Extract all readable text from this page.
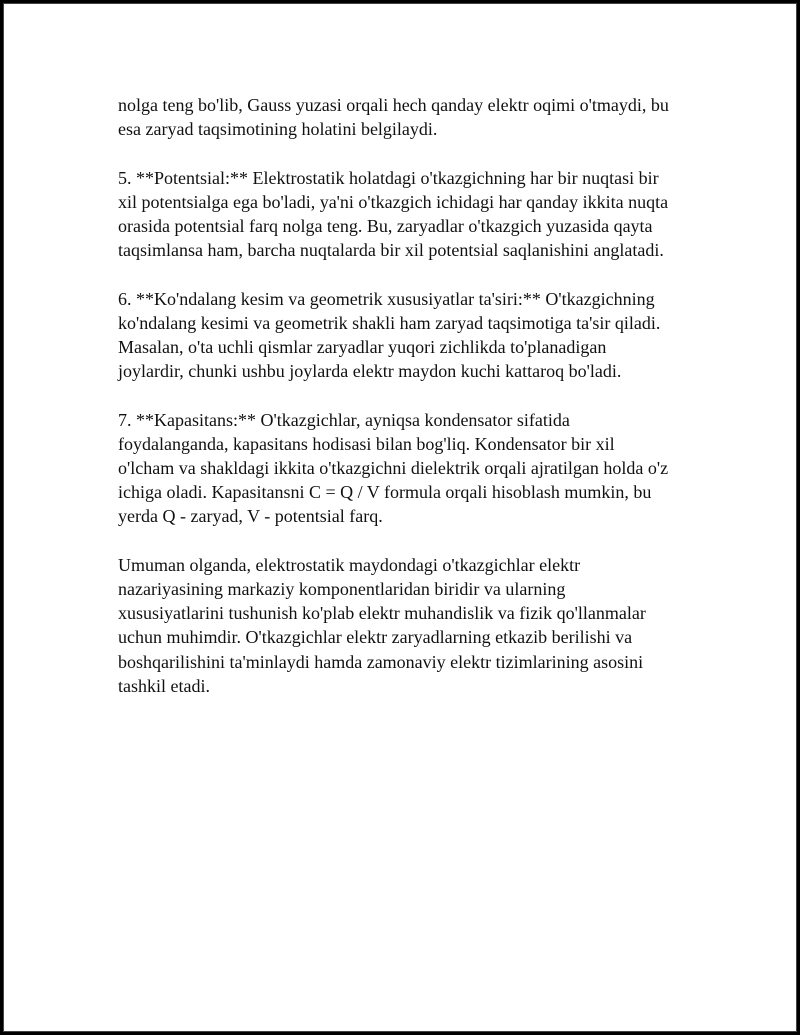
nolga teng bo'lib, Gauss yuzasi orqali hech qanday elektr oqimi o'tmaydi, bu
esa zaryad taqsimotining holatini belgilaydi.

5. **Potentsial:** Elektrostatik holatdagi o'tkazgichning har bir nuqtasi bir
xil potentsialga ega bo'ladi, ya'ni o'tkazgich ichidagi har qanday ikkita nuqta
orasida potentsial farq nolga teng. Bu, zaryadlar o'tkazgich yuzasida qayta
taqsimlansa ham, barcha nuqtalarda bir xil potentsial saqlanishini anglatadi.

6. **Ko'ndalang kesim va geometrik xususiyatlar ta'siri:** O'tkazgichning
ko'ndalang kesimi va geometrik shakli ham zaryad taqsimotiga ta'sir qiladi.
Masalan, o'ta uchli qismlar zaryadlar yuqori zichlikda to'planadigan
joylardir, chunki ushbu joylarda elektr maydon kuchi kattaroq bo'ladi.

7. **Kapasitans:** O'tkazgichlar, ayniqsa kondensator sifatida
foydalanganda, kapasitans hodisasi bilan bog'liq. Kondensator bir xil
o'lcham va shakldagi ikkita o'tkazgichni dielektrik orqali ajratilgan holda o'z
ichiga oladi. Kapasitansni C = Q / V formula orqali hisoblash mumkin, bu
yerda Q - zaryad, V - potentsial farq.

Umuman olganda, elektrostatik maydondagi o'tkazgichlar elektr
nazariyasining markaziy komponentlaridan biridir va ularning
xususiyatlarini tushunish ko'plab elektr muhandislik va fizik qo'llanmalar
uchun muhimdir. O'tkazgichlar elektr zaryadlarning etkazib berilishi va
boshqarilishini ta'minlaydi hamda zamonaviy elektr tizimlarining asosini
tashkil etadi.
